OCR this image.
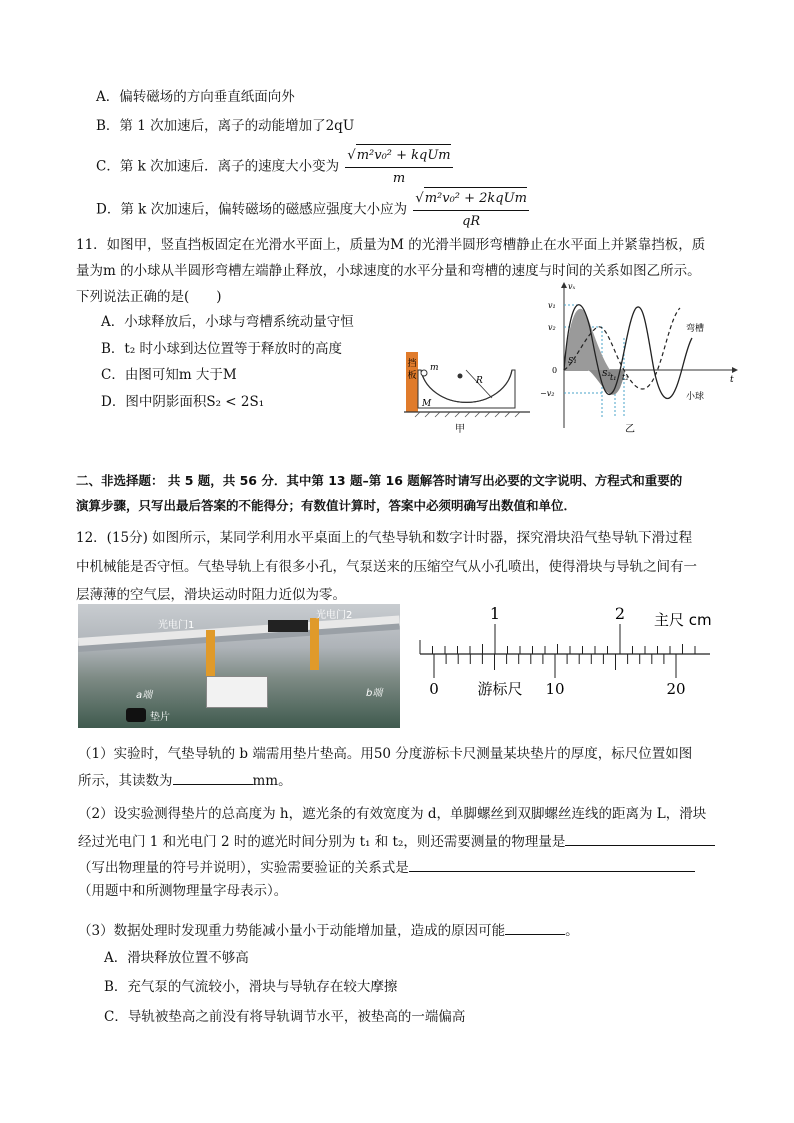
A．偏转磁场的方向垂直纸面向外
B．第 1 次加速后，离子的动能增加了2qU
C．第 k 次加速后．离子的速度大小变为 $\frac{\text{√m²v₀² + kqUm}}{m}$
D．第 k 次加速后，偏转磁场的磁感应强度大小应为 $\frac{\text{√m²v₀² + 2kqUm}}{qR}$
11．如图甲，竖直挡板固定在光滑水平面上，质量为M 的光滑半圆形弯槽静止在水平面上并紧靠挡板，质
量为m 的小球从半圆形弯槽左端静止释放，小球速度的水平分量和弯槽的速度与时间的关系如图乙所示。
下列说法正确的是(　　)
A．小球释放后，小球与弯槽系统动量守恒
B．t₂ 时小球到达位置等于释放时的高度
C．由图可知m 大于M
D．图中阴影面积S₂ < 2S₁
挡
板
m
R
M
甲
vₓ
v₁
v₂
0
−v₂
S₁
S₂ t₁ t₂	t
弯槽
小球
乙
二、非选择题： 共 5 题，共 56 分．其中第 13 题–第 16 题解答时请写出必要的文字说明、方程式和重要的
演算步骤，只写出最后答案的不能得分；有数值计算时，答案中必须明确写出数值和单位．
12．(15分) 如图所示，某同学利用水平桌面上的气垫导轨和数字计时器，探究滑块沿气垫导轨下滑过程
中机械能是否守恒。气垫导轨上有很多小孔，气泵送来的压缩空气从小孔喷出，使得滑块与导轨之间有一
层薄薄的空气层，滑块运动时阻力近似为零。
光电门1
光电门2
a端	b端
垫片
1	2 主尺 cm
0	10	20
游标尺
（1）实验时，气垫导轨的 b 端需用垫片垫高。用50 分度游标卡尺测量某块垫片的厚度，标尺位置如图
所示，其读数为	mm。
（2）设实验测得垫片的总高度为 h，遮光条的有效宽度为 d，单脚螺丝到双脚螺丝连线的距离为 L，滑块
经过光电门 1 和光电门 2 时的遮光时间分别为 t₁ 和 t₂，则还需要测量的物理量是
（写出物理量的符号并说明），实验需要验证的关系式是
（用题中和所测物理量字母表示）。
（3）数据处理时发现重力势能减小量小于动能增加量，造成的原因可能	。
A．滑块释放位置不够高
B．充气泵的气流较小，滑块与导轨存在较大摩擦
C．导轨被垫高之前没有将导轨调节水平，被垫高的一端偏高
